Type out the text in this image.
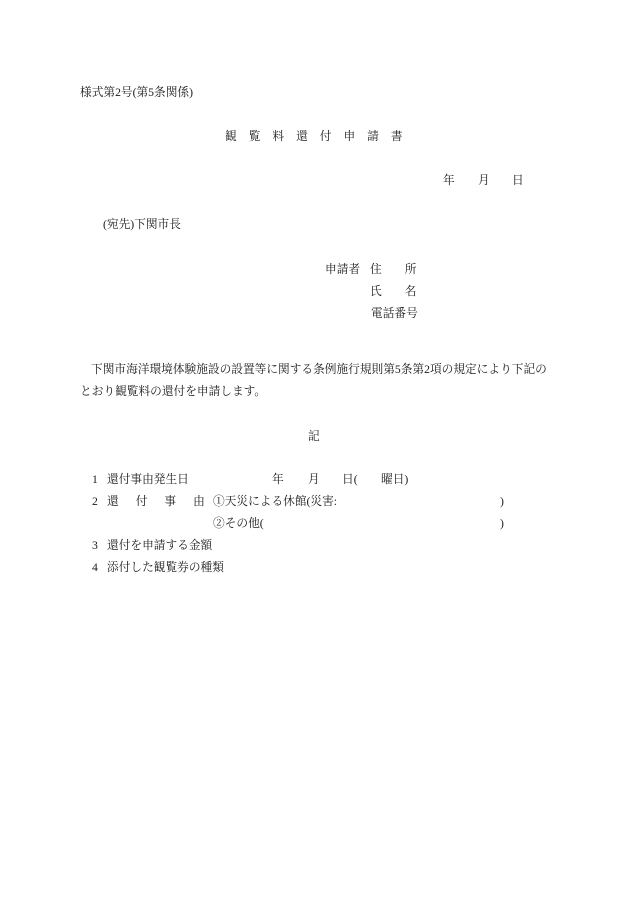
様式第2号(第5条関係)
観覧料還付申請書
年 月 日
(宛先)下関市長
申請者 住所
氏名
電話番号
下関市海洋環境体験施設の設置等に関する条例施行規則第5条第2項の規定により下記の
とおり観覧料の還付を申請します。
記
1 還付事由発生日	年 月 日( 曜日)
2 還付事由
①天災による休館(災害:	)
②その他(	)
3 還付を申請する金額
4 添付した観覧券の種類
